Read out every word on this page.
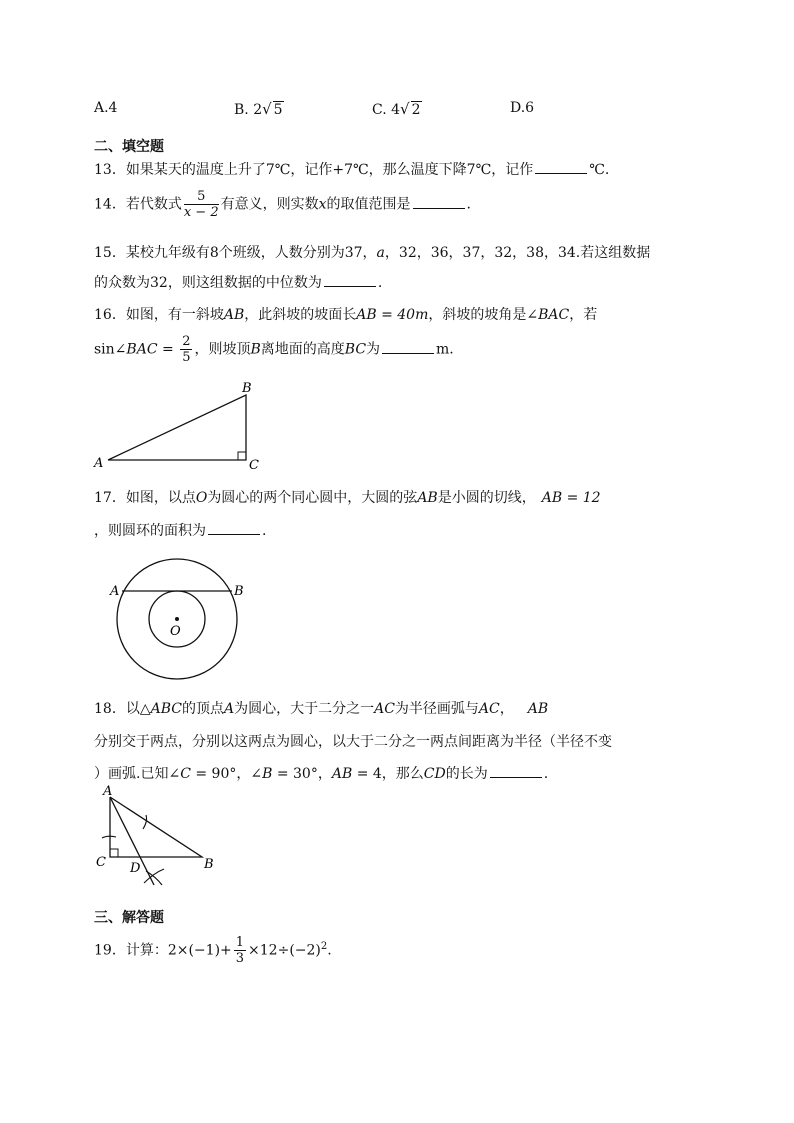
A.4	B. 2√ 5	C. 4√ 2	D.6
二、填空题
13．如果某天的温度上升了7℃，记作+7℃，那么温度下降7℃，记作	℃.
14．若代数式 $\frac{5}{x - 2}$ 有意义，则实数x的取值范围是	.
15．某校九年级有8个班级，人数分别为37，a，32，36，37，32，38，34.若这组数据
的众数为32，则这组数据的中位数为	.
16．如图，有一斜坡AB，此斜坡的坡面长AB = 40m，斜坡的坡角是∠BAC，若
sin∠BAC = $\frac{2}{5}$ ，则坡顶B离地面的高度BC为	m.
A
B
C
17．如图，以点O为圆心的两个同心圆中，大圆的弦AB是小圆的切线， AB = 12
，则圆环的面积为	.
A	B
O
18．以△ABC的顶点A为圆心，大于二分之一AC为半径画弧与AC， AB
分别交于两点，分别以这两点为圆心，以大于二分之一两点间距离为半径（半径不变
）画弧.已知∠C = 90°，∠B = 30°，AB = 4，那么CD的长为	.
A
C	B
D
三、解答题
19．计算：$2\times(-1)+ \frac{1}{3} \times 12\div(-2)^2$.
